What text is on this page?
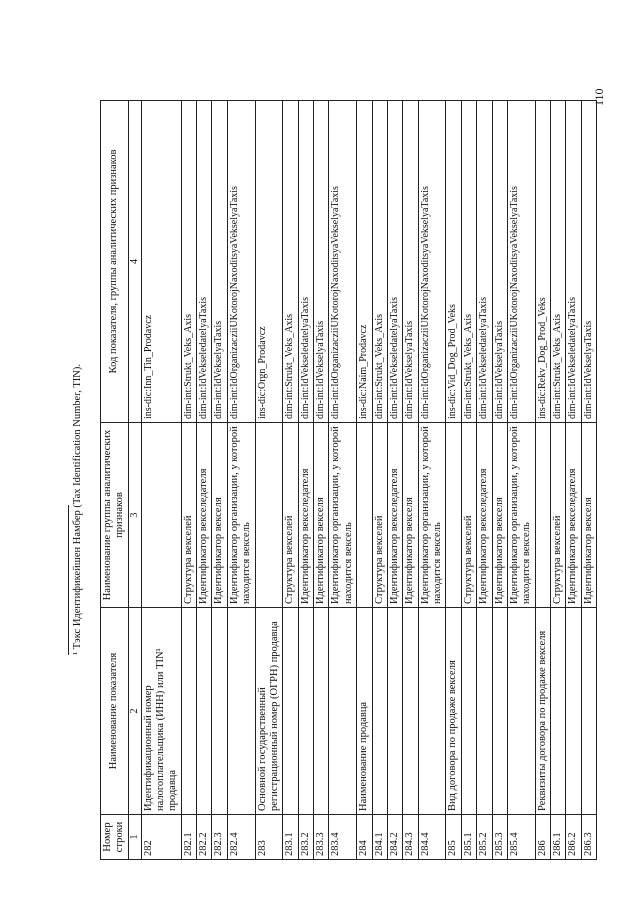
110
Номер строки	Наименование показателя	Наименование группы аналитических признаков	Код показателя, группы аналитических признаков
1	2	3	4
282	Идентификационный номер налогоплательщика (ИНН) или TIN¹ продавца		ins-dic:Inn_Tin_Prodavcz
282.1		Структура векселей	dim-int:Strukt_Veks_Axis
282.2		Идентификатор векселедателя	dim-int:IdVekseledatelyaTaxis
282.3		Идентификатор векселя	dim-int:IdVekselyaTaxis
282.4		Идентификатор организации, у которой находится вексель	dim-int:IdOrganizacziiUKotorojNaxoditsyaVekselyaTaxis
283	Основной государственный регистрационный номер (ОГРН) продавца		ins-dic:Orgn_Prodavcz
283.1		Структура векселей	dim-int:Strukt_Veks_Axis
283.2		Идентификатор векселедателя	dim-int:IdVekseledatelyaTaxis
283.3		Идентификатор векселя	dim-int:IdVekselyaTaxis
283.4		Идентификатор организации, у которой находится вексель	dim-int:IdOrganizacziiUKotorojNaxoditsyaVekselyaTaxis
284	Наименование продавца		ins-dic:Naim_Prodavcz
284.1		Структура векселей	dim-int:Strukt_Veks_Axis
284.2		Идентификатор векселедателя	dim-int:IdVekseledatelyaTaxis
284.3		Идентификатор векселя	dim-int:IdVekselyaTaxis
284.4		Идентификатор организации, у которой находится вексель	dim-int:IdOrganizacziiUKotorojNaxoditsyaVekselyaTaxis
285	Вид договора по продаже векселя		ins-dic:Vid_Dog_Prod_Veks
285.1		Структура векселей	dim-int:Strukt_Veks_Axis
285.2		Идентификатор векселедателя	dim-int:IdVekseledatelyaTaxis
285.3		Идентификатор векселя	dim-int:IdVekselyaTaxis
285.4		Идентификатор организации, у которой находится вексель	dim-int:IdOrganizacziiUKotorojNaxoditsyaVekselyaTaxis
286	Реквизиты договора по продаже векселя		ins-dic:Rekv_Dog_Prod_Veks
286.1		Структура векселей	dim-int:Strukt_Veks_Axis
286.2		Идентификатор векселедателя	dim-int:IdVekseledatelyaTaxis
286.3		Идентификатор векселя	dim-int:IdVekselyaTaxis
¹ Тэкс Идентификейшен Намбер (Tax Identification Number, TIN).
